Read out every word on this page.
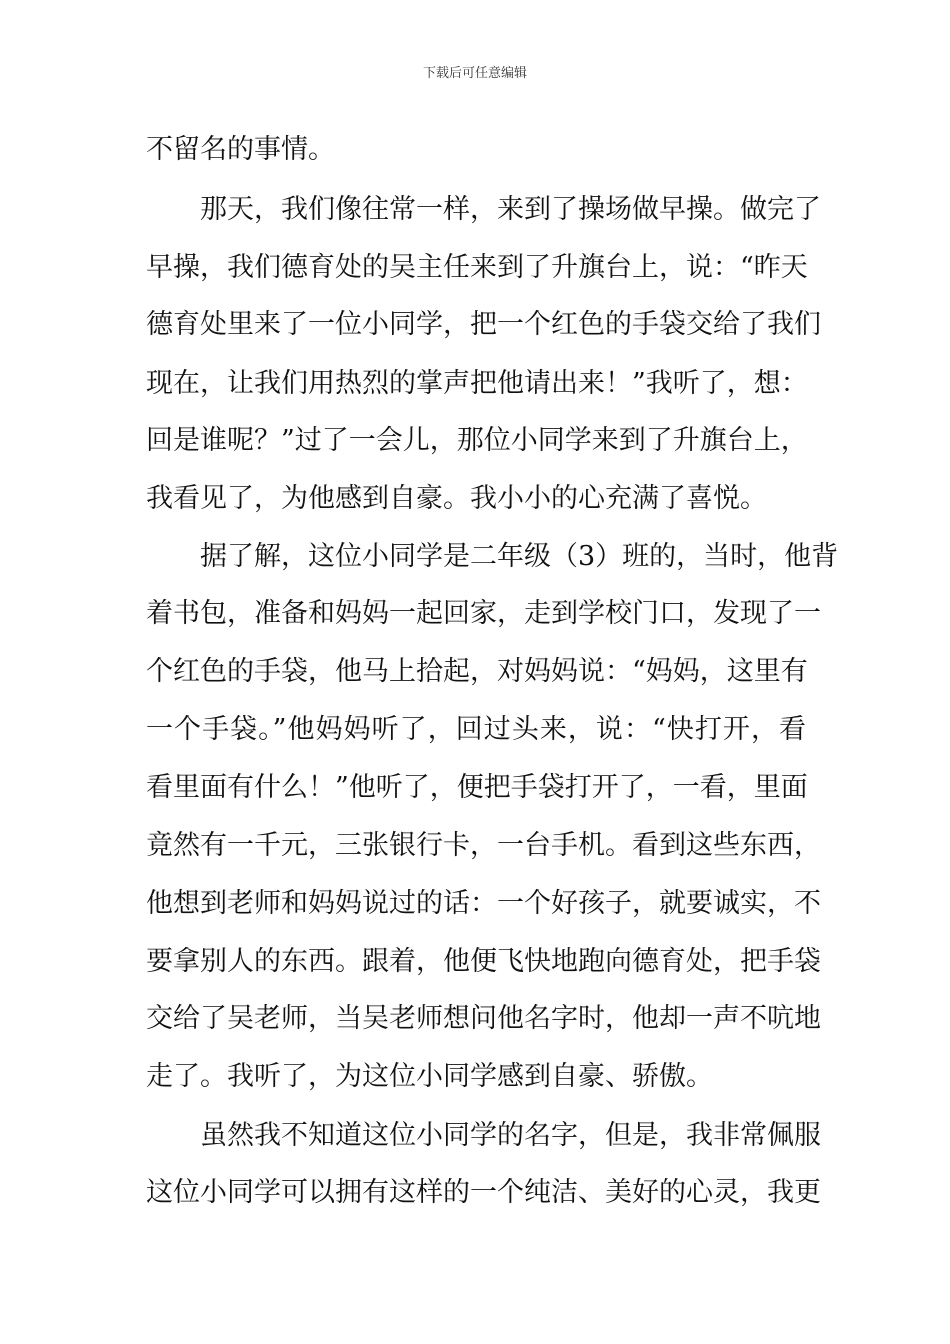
下载后可任意编辑
不留名的事情。
那天，我们像往常一样，来到了操场做早操。做完了
早操，我们德育处的吴主任来到了升旗台上，说：“昨天
德育处里来了一位小同学，把一个红色的手袋交给了我们
现在，让我们用热烈的掌声把他请出来！”我听了，想：
回是谁呢？”过了一会儿，那位小同学来到了升旗台上，
我看见了，为他感到自豪。我小小的心充满了喜悦。
据了解，这位小同学是二年级（3）班的，当时，他背
着书包，准备和妈妈一起回家，走到学校门口，发现了一
个红色的手袋，他马上拾起，对妈妈说：“妈妈，这里有
一个手袋。”他妈妈听了，回过头来，说：“快打开，看
看里面有什么！”他听了，便把手袋打开了，一看，里面
竟然有一千元，三张银行卡，一台手机。看到这些东西，
他想到老师和妈妈说过的话：一个好孩子，就要诚实，不
要拿别人的东西。跟着，他便飞快地跑向德育处，把手袋
交给了吴老师，当吴老师想问他名字时，他却一声不吭地
走了。我听了，为这位小同学感到自豪、骄傲。
虽然我不知道这位小同学的名字，但是，我非常佩服
这位小同学可以拥有这样的一个纯洁、美好的心灵，我更
